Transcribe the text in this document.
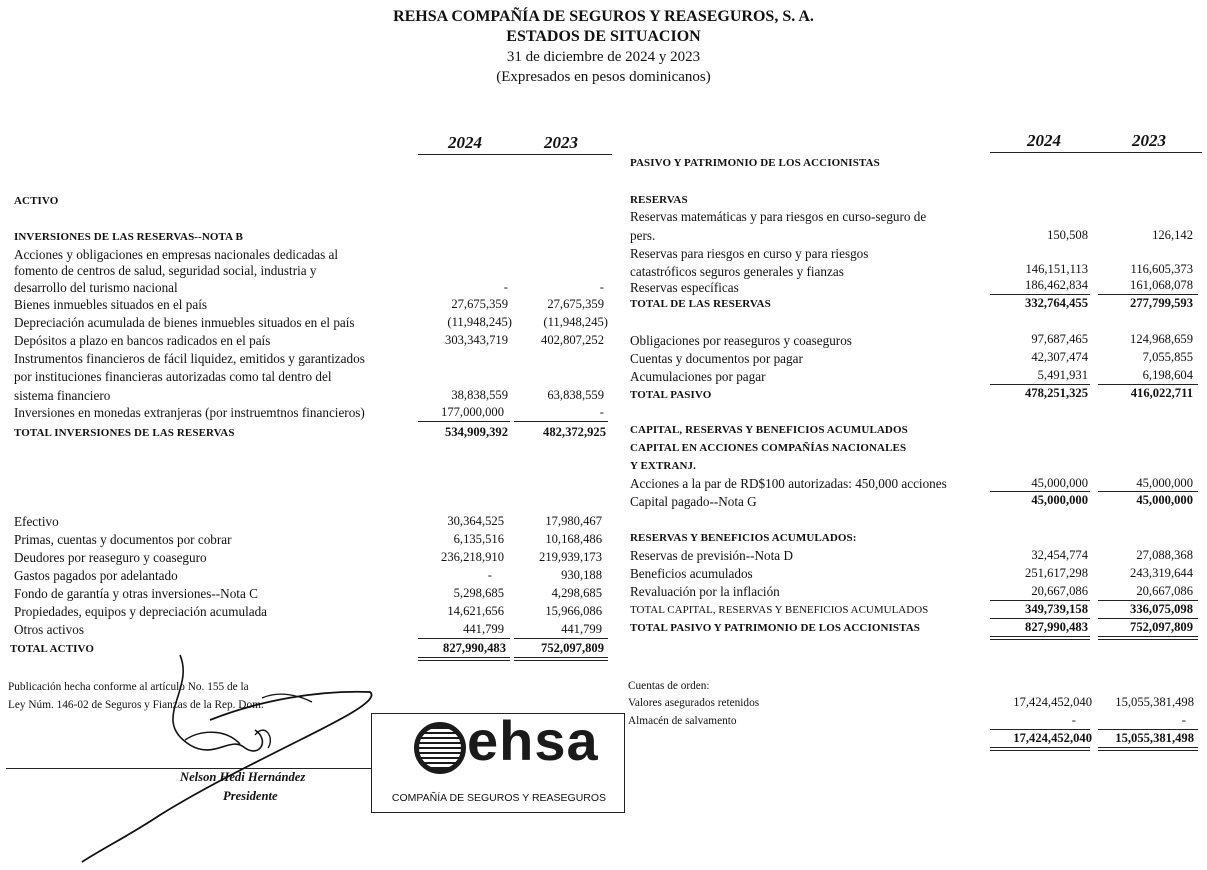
REHSA COMPAÑÍA DE SEGUROS Y REASEGUROS, S. A.
ESTADOS DE SITUACION
31 de diciembre de 2024 y 2023
(Expresados en pesos dominicanos)
2024	2023	2024	2023
ACTIVO
INVERSIONES DE LAS RESERVAS--NOTA B
Acciones y obligaciones en empresas nacionales dedicadas al
fomento de centros de salud, seguridad social, industria y
desarrollo del turismo nacional	-	-
Bienes inmuebles situados en el país	27,675,359	27,675,359
Depreciación acumulada de bienes inmuebles situados en el país	(11,948,245)	(11,948,245)
Depósitos a plazo en bancos radicados en el país	303,343,719	402,807,252
Instrumentos financieros de fácil liquidez, emitidos y garantizados
por instituciones financieras autorizadas como tal dentro del
sistema financiero	38,838,559	63,838,559
Inversiones en monedas extranjeras (por instruemtnos financieros)	177,000,000	-
TOTAL INVERSIONES DE LAS RESERVAS	534,909,392	482,372,925
Efectivo	30,364,525	17,980,467
Primas, cuentas y documentos por cobrar	6,135,516	10,168,486
Deudores por reaseguro y coaseguro	236,218,910	219,939,173
Gastos pagados por adelantado	-	930,188
Fondo de garantía y otras inversiones--Nota C	5,298,685	4,298,685
Propiedades, equipos y depreciación acumulada	14,621,656	15,966,086
Otros activos	441,799	441,799
TOTAL ACTIVO	827,990,483	752,097,809
Publicación hecha conforme al artículo No. 155 de la
Ley Núm. 146-02 de Seguros y Fianzas de la Rep. Dom.
Nelson Hedi Hernández
Presidente
PASIVO Y PATRIMONIO DE LOS ACCIONISTAS
RESERVAS
Reservas matemáticas y para riesgos en curso-seguro de
pers.	150,508	126,142
Reservas para riesgos en curso y para riesgos
catastróficos seguros generales y fianzas	146,151,113	116,605,373
Reservas específicas	186,462,834	161,068,078
TOTAL DE LAS RESERVAS	332,764,455	277,799,593
Obligaciones por reaseguros y coaseguros	97,687,465	124,968,659
Cuentas y documentos por pagar	42,307,474	7,055,855
Acumulaciones por pagar	5,491,931	6,198,604
TOTAL PASIVO	478,251,325	416,022,711
CAPITAL, RESERVAS Y BENEFICIOS ACUMULADOS
CAPITAL EN ACCIONES COMPAÑÍAS NACIONALES
Y EXTRANJ.
Acciones a la par de RD$100 autorizadas: 450,000 acciones	45,000,000	45,000,000
Capital pagado--Nota G	45,000,000	45,000,000
RESERVAS Y BENEFICIOS ACUMULADOS:
Reservas de previsión--Nota D	32,454,774	27,088,368
Beneficios acumulados	251,617,298	243,319,644
Revaluación por la inflación	20,667,086	20,667,086
TOTAL CAPITAL, RESERVAS Y BENEFICIOS ACUMULADOS	349,739,158	336,075,098
TOTAL PASIVO Y PATRIMONIO DE LOS ACCIONISTAS	827,990,483	752,097,809
Cuentas de orden:
Valores asegurados retenidos	17,424,452,040	15,055,381,498
Almacén de salvamento	-	-
17,424,452,040	15,055,381,498
ehsa
COMPAÑÍA DE SEGUROS Y REASEGUROS
